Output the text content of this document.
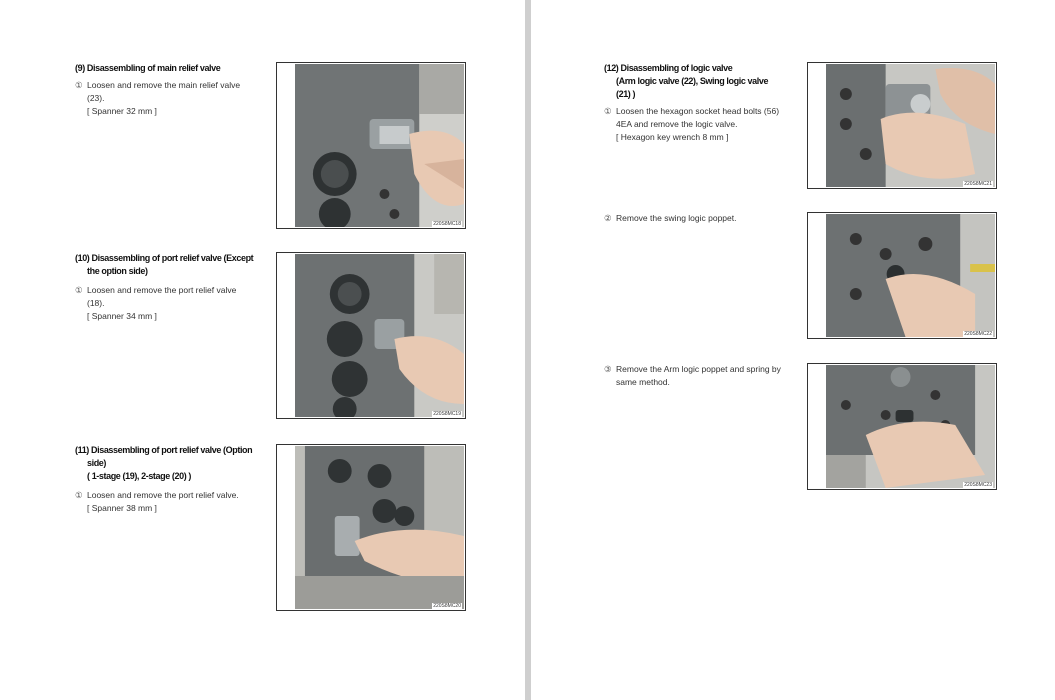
(9) Disassembling of main relief valve
① Loosen and remove the main relief valve (23).
[ Spanner 32 mm ]
220S8MC18
(10) Disassembling of port relief valve (Except
the option side)
① Loosen and remove the port relief valve (18).
[ Spanner 34 mm ]
220S8MC19
(11) Disassembling of port relief valve (Option
side)
( 1-stage (19), 2-stage (20) )
① Loosen and remove the port relief valve.
[ Spanner 38 mm ]
220S8MC20
(12) Disassembling of logic valve
(Arm logic valve (22), Swing logic valve
(21) )
① Loosen the hexagon socket head bolts (56) 4EA and remove the logic valve.
[ Hexagon key wrench 8 mm ]
220S8MC21
② Remove the swing logic poppet.
220S8MC22
③ Remove the Arm logic poppet and spring by same method.
220S8MC23
